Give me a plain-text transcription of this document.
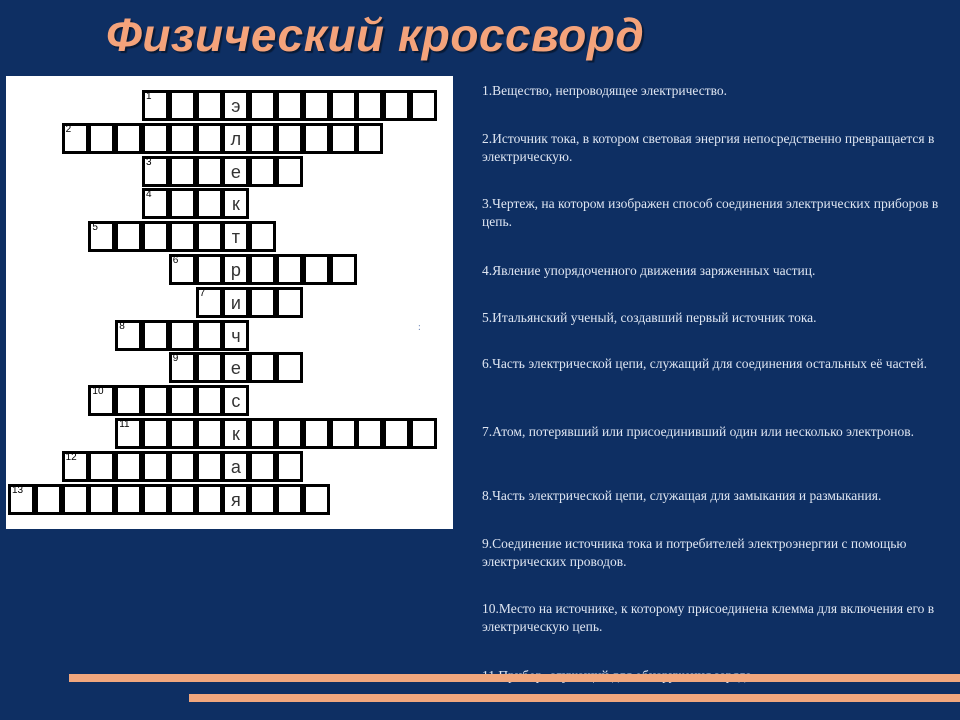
Физический кроссворд
1	э
2	л
3	е
4	к
5	т
6	р
7	и
8	ч
9	е
10	с
11	к
12	а
13	я
:
1.Вещество, непроводящее электричество.
2.Источник тока, в котором световая энергия непосредственно превращается в электрическую.
3.Чертеж, на котором изображен способ соединения электрических приборов в цепь.
4.Явление упорядоченного движения заряженных частиц.
5.Итальянский ученый, создавший первый источник тока.
6.Часть электрической цепи, служащий для соединения остальных её частей.
7.Атом, потерявший или присоединивший один или несколько электронов.
8.Часть электрической цепи, служащая для замыкания и размыкания.
9.Соединение источника тока и потребителей электроэнергии с помощью электрических проводов.
10.Место на источнике, к которому присоединена клемма для включения его в электрическую цепь.
